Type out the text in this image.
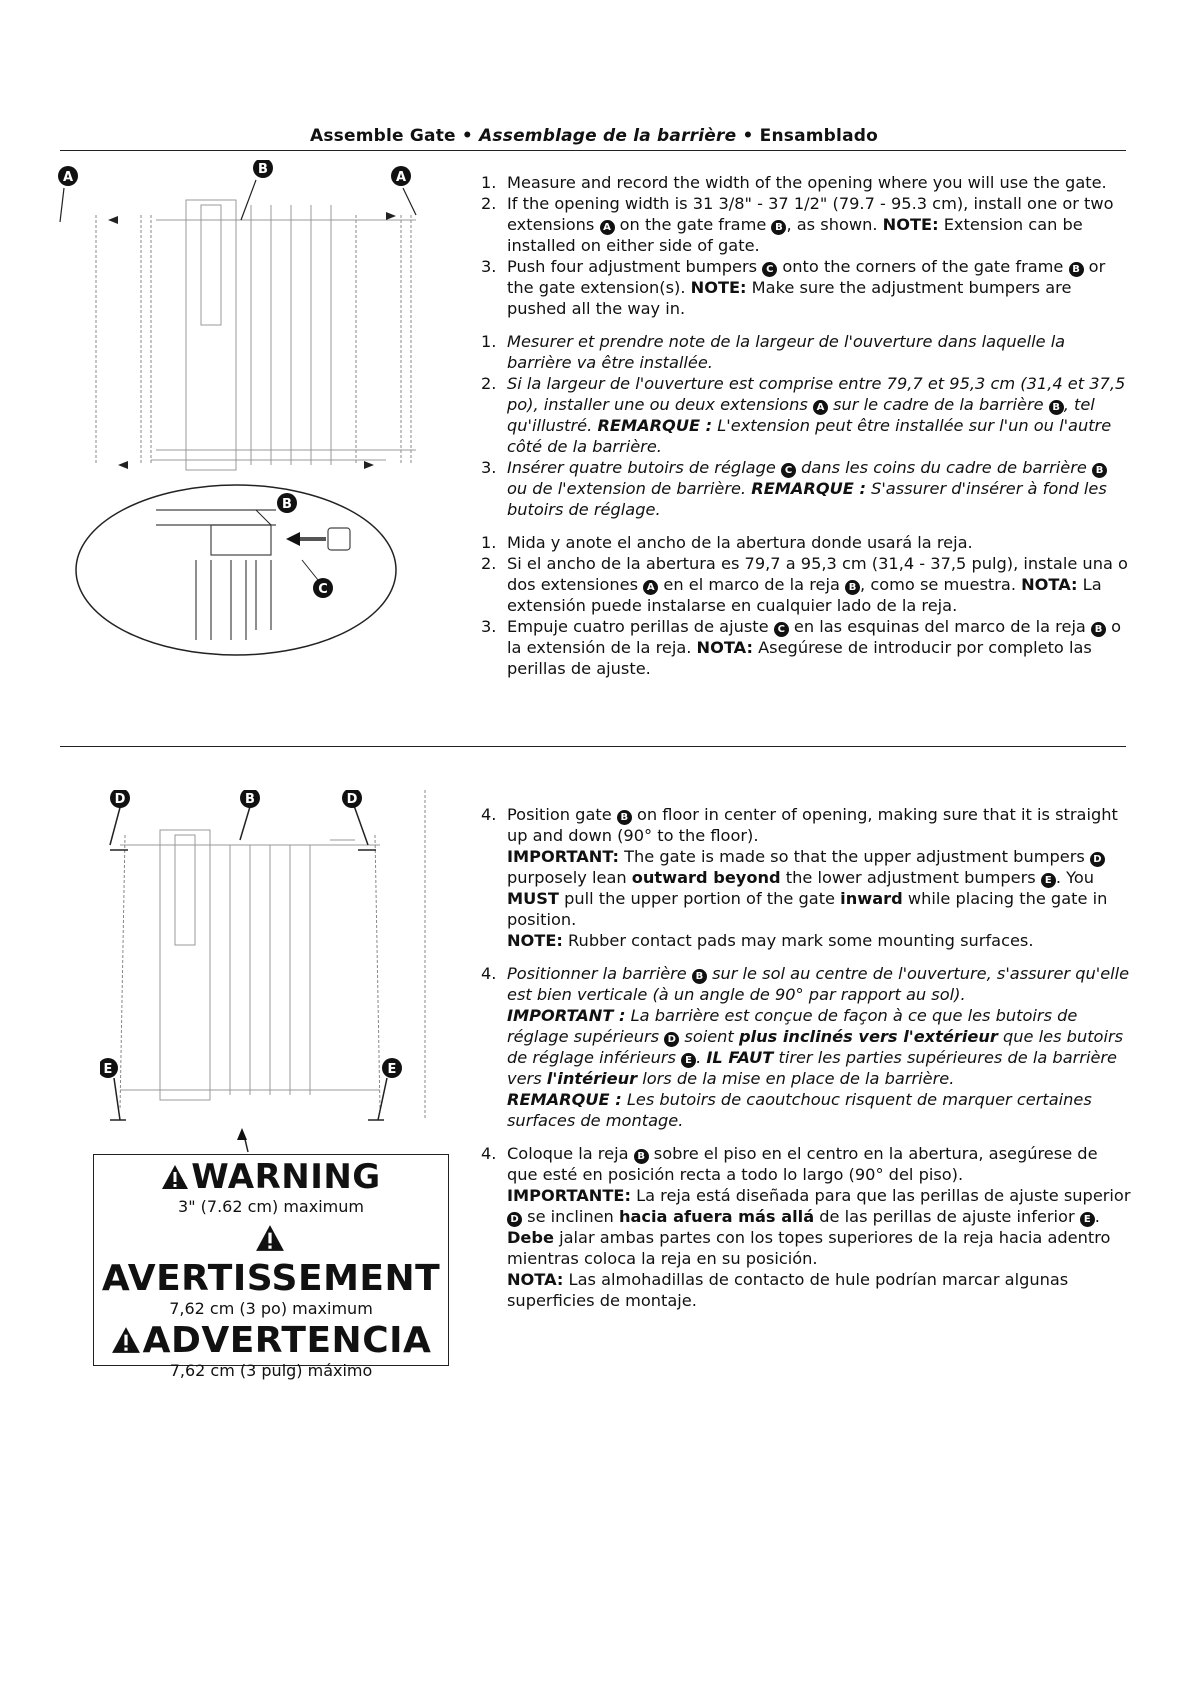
Assemble Gate • Assemblage de la barrière • Ensamblado
A
B
A
B
C
1. Measure and record the width of the opening where you will use the gate.
2. If the opening width is 31 3/8" - 37 1/2" (79.7 - 95.3 cm), install one or two extensions A on the gate frame B , as shown. NOTE: Extension can be installed on either side of gate.
3. Push four adjustment bumpers C onto the corners of the gate frame B or the gate extension(s). NOTE: Make sure the adjustment bumpers are pushed all the way in.
1. Mesurer et prendre note de la largeur de l'ouverture dans laquelle la barrière va être installée.
2. Si la largeur de l'ouverture est comprise entre 79,7 et 95,3 cm (31,4 et 37,5 po), installer une ou deux extensions A sur le cadre de la barrière B , tel qu'illustré. REMARQUE : L'extension peut être installée sur l'un ou l'autre côté de la barrière.
3. Insérer quatre butoirs de réglage C dans les coins du cadre de barrière B ou de l'extension de barrière. REMARQUE : S'assurer d'insérer à fond les butoirs de réglage.
1. Mida y anote el ancho de la abertura donde usará la reja.
2. Si el ancho de la abertura es 79,7 a 95,3 cm (31,4 - 37,5 pulg), instale una o dos extensiones A en el marco de la reja B , como se muestra. NOTA: La extensión puede instalarse en cualquier lado de la reja.
3. Empuje cuatro perillas de ajuste C en las esquinas del marco de la reja B o la extensión de la reja. NOTA: Asegúrese de introducir por completo las perillas de ajuste.
D	B	D
E	E
WARNING
3" (7.62 cm) maximum
AVERTISSEMENT
7,62 cm (3 po) maximum
ADVERTENCIA
7,62 cm (3 pulg) máximo
4. Position gate B on floor in center of opening, making sure that it is straight up and down (90° to the floor).
IMPORTANT: The gate is made so that the upper adjustment bumpers D purposely lean outward beyond the lower adjustment bumpers E . You MUST pull the upper portion of the gate inward while placing the gate in position.
NOTE: Rubber contact pads may mark some mounting surfaces.
4. Positionner la barrière B sur le sol au centre de l'ouverture, s'assurer qu'elle est bien verticale (à un angle de 90° par rapport au sol).
IMPORTANT : La barrière est conçue de façon à ce que les butoirs de réglage supérieurs D soient plus inclinés vers l'extérieur que les butoirs de réglage inférieurs E . IL FAUT tirer les parties supérieures de la barrière vers l'intérieur lors de la mise en place de la barrière.
REMARQUE : Les butoirs de caoutchouc risquent de marquer certaines surfaces de montage.
4. Coloque la reja B sobre el piso en el centro en la abertura, asegúrese de que esté en posición recta a todo lo largo (90° del piso).
IMPORTANTE: La reja está diseñada para que las perillas de ajuste superior D se inclinen hacia afuera más allá de las perillas de ajuste inferior E .
Debe jalar ambas partes con los topes superiores de la reja hacia adentro mientras coloca la reja en su posición.
NOTA: Las almohadillas de contacto de hule podrían marcar algunas superficies de montaje.
